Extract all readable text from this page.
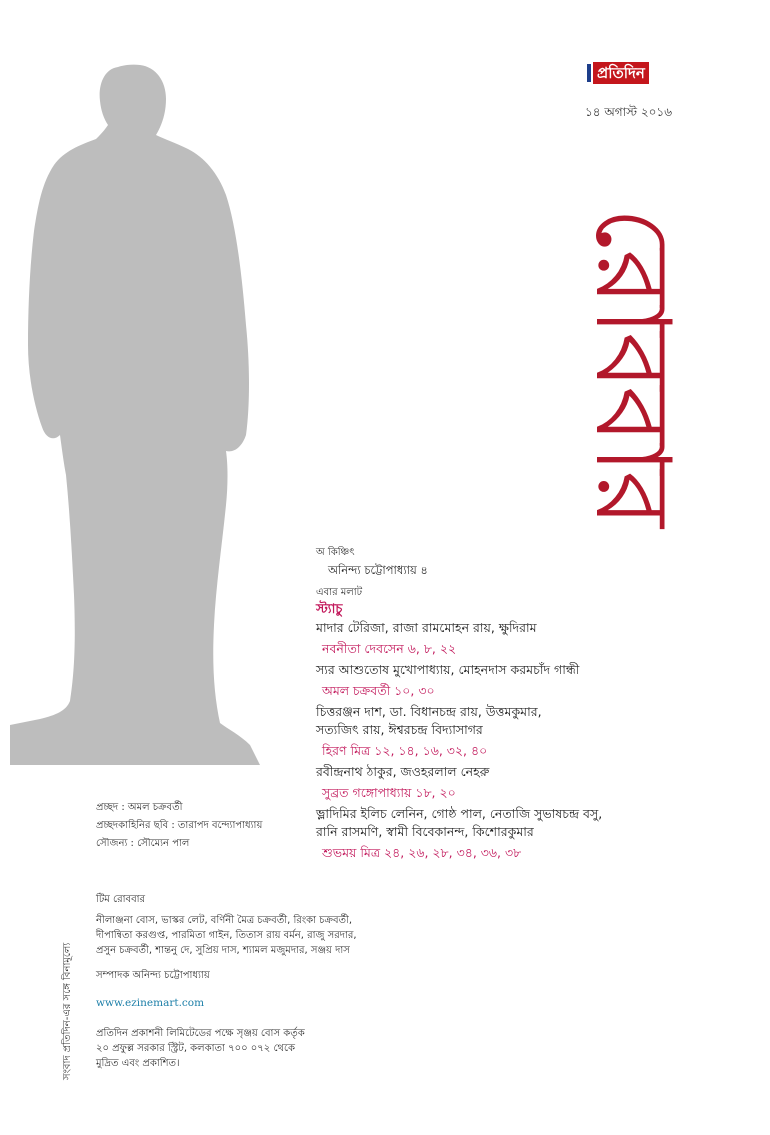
প্রতিদিন
১৪ অগাস্ট ২০১৬
রোববার
অ কিঞ্চিৎ
অনিন্দ্য চট্টোপাধ্যায় ৪
এবার মলাট
স্ট্যাচু
মাদার টেরিজা, রাজা রামমোহন রায়, ক্ষুদিরাম
নবনীতা দেবসেন ৬, ৮, ২২
স্যর আশুতোষ মুখোপাধ্যায়, মোহনদাস করমচাঁদ গান্ধী
অমল চক্রবর্তী ১০, ৩০
চিত্তরঞ্জন দাশ, ডা. বিধানচন্দ্র রায়, উত্তমকুমার,
সত্যজিৎ রায়, ঈশ্বরচন্দ্র বিদ্যাসাগর
হিরণ মিত্র ১২, ১৪, ১৬, ৩২, ৪০
রবীন্দ্রনাথ ঠাকুর, জওহরলাল নেহরু
সুব্রত গঙ্গোপাধ্যায় ১৮, ২০
ভ্লাদিমির ইলিচ লেনিন, গোষ্ঠ পাল, নেতাজি সুভাষচন্দ্র বসু,
রানি রাসমণি, স্বামী বিবেকানন্দ, কিশোরকুমার
শুভময় মিত্র ২৪, ২৬, ২৮, ৩৪, ৩৬, ৩৮
প্রচ্ছদ : অমল চক্রবর্তী
প্রচ্ছদকাহিনির ছবি : তারাপদ বন্দ্যোপাধ্যায়
সৌজন্য : সৌম্যেন পাল
টিম রোববার
নীলাঞ্জনা বোস, ভাস্কর লেট, বর্ণিনী মৈত্র চক্রবর্তী, রিংকা চক্রবর্তী,
দীপান্বিতা করগুপ্ত, পারমিতা গাইন, তিতাস রায় বর্মন, রাজু সরদার,
প্রসুন চক্রবর্তী, শান্তনু দে, সুপ্রিয় দাস, শ্যামল মজুমদার, সঞ্জয় দাস
সম্পাদক অনিন্দ্য চট্টোপাধ্যায়
www.ezinemart.com
প্রতিদিন প্রকাশনী লিমিটেডের পক্ষে সৃঞ্জয় বোস কর্তৃক
২০ প্রফুল্ল সরকার স্ট্রিট, কলকাতা ৭০০ ০৭২ থেকে
মুদ্রিত এবং প্রকাশিত।
সংবাদ প্রতিদিন-এর সঙ্গে বিনামূল্যে
